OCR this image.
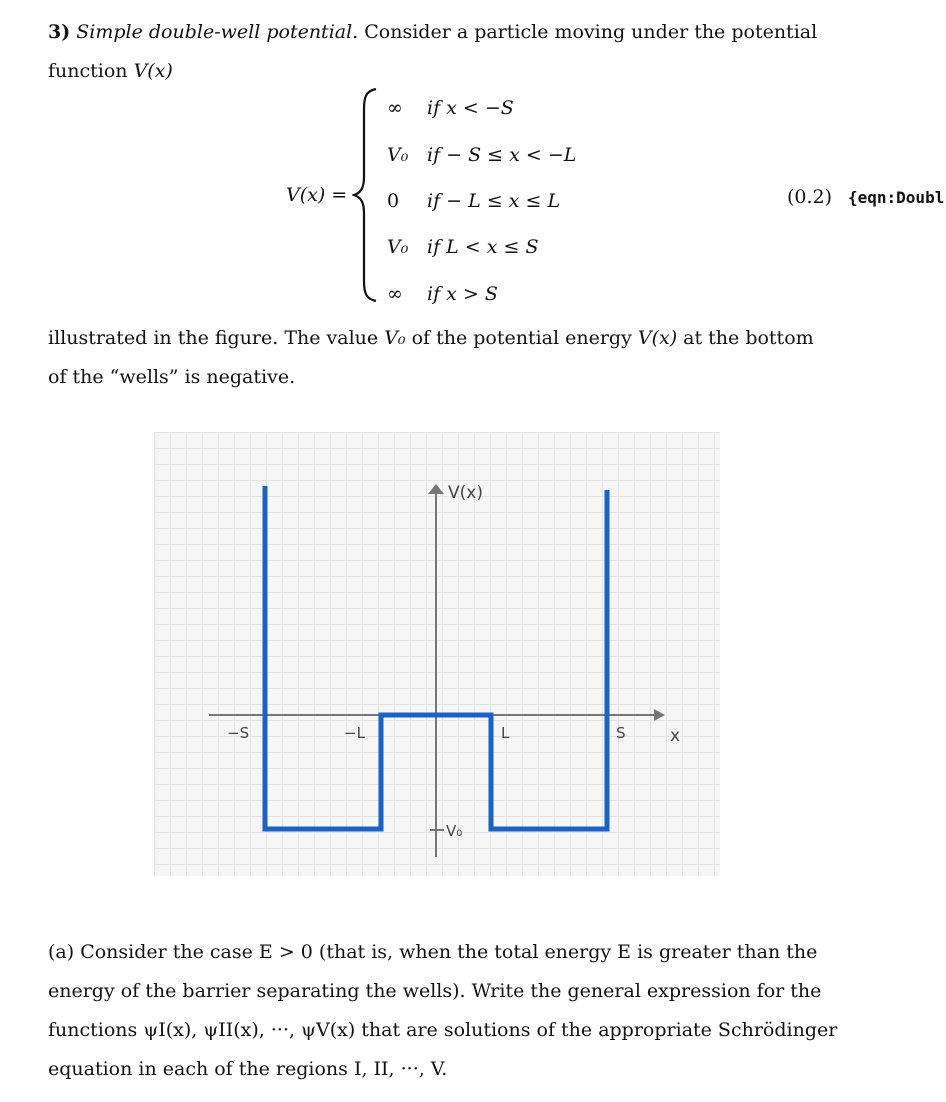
3) Simple double-well potential. Consider a particle moving under the potential function V(x)

V(x) =
∞ if x < −S
V₀ if − S ≤ x < −L
0 if − L ≤ x ≤ L
V₀ if L < x ≤ S
∞ if x > S
(0.2) {eqn:Doubl

illustrated in the figure. The value V₀ of the potential energy V(x) at the bottom of the “wells” is negative.

V(x)
x
−S	−L	L	S
V₀

(a) Consider the case E > 0 (that is, when the total energy E is greater than the energy of the barrier separating the wells). Write the general expression for the functions ψI(x), ψII(x), ···, ψV(x) that are solutions of the appropriate Schrödinger equation in each of the regions I, II, ···, V.
